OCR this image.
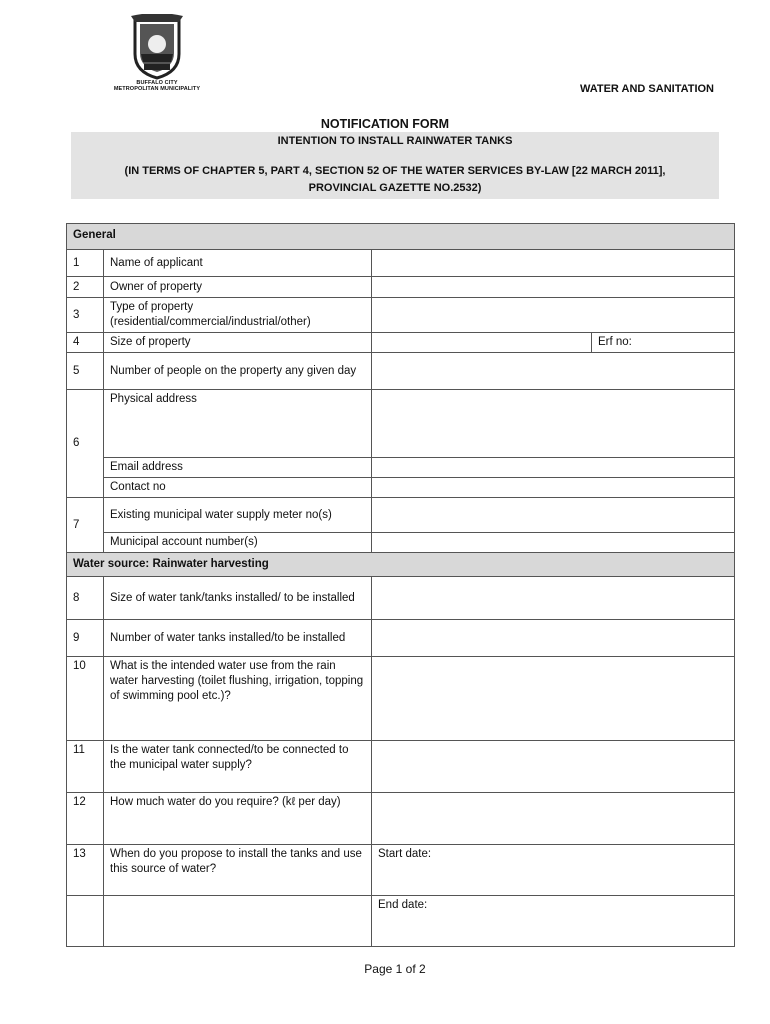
BUFFALO CITY
METROPOLITAN MUNICIPALITY	WATER AND SANITATION
NOTIFICATION FORM
INTENTION TO INSTALL RAINWATER TANKS
(IN TERMS OF CHAPTER 5, PART 4, SECTION 52 OF THE WATER SERVICES BY-LAW [22 MARCH 2011], PROVINCIAL GAZETTE NO.2532)
General			
1	Name of applicant		
2	Owner of property		
3	Type of property (residential/commercial/industrial/other)		
4	Size of property		Erf no:
5	Number of people on the property any given day		
6	Physical address		
	Email address		
	Contact no		
7	Existing municipal water supply meter no(s)		
	Municipal account number(s)		
Water source: Rainwater harvesting			
8	Size of water tank/tanks installed/ to be installed		
9	Number of water tanks installed/to be installed		
10	What is the intended water use from the rain water harvesting (toilet flushing, irrigation, topping of swimming pool etc.)?		
11	Is the water tank connected/to be connected to the municipal water supply?		
12	How much water do you require? (kℓ per day)		
13	When do you propose to install the tanks and use this source of water?	Start date:	
		End date:	
Page 1 of 2
